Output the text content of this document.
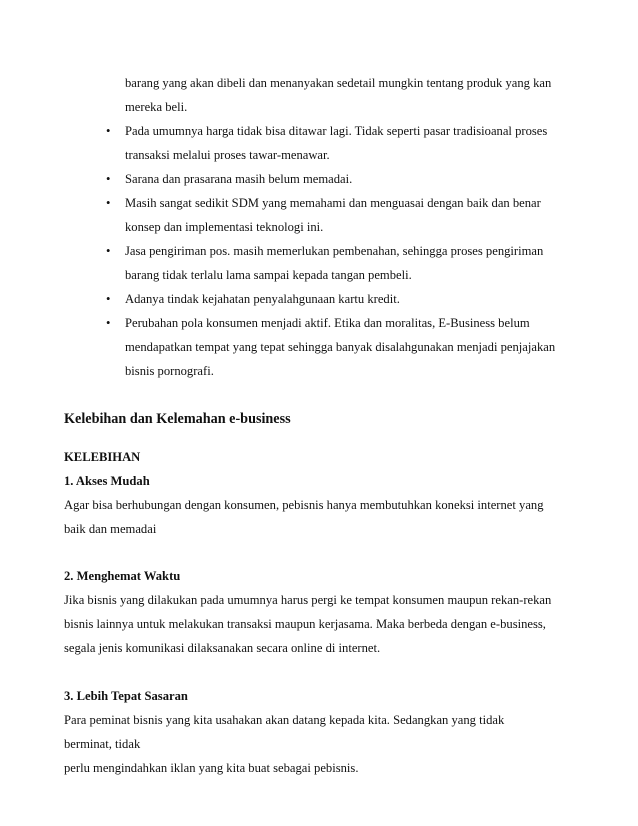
barang yang akan dibeli dan menanyakan sedetail mungkin tentang produk yang kan
mereka beli.
• Pada umumnya harga tidak bisa ditawar lagi. Tidak seperti pasar tradisioanal proses
transaksi melalui proses tawar-menawar.
• Sarana dan prasarana masih belum memadai.
• Masih sangat sedikit SDM yang memahami dan menguasai dengan baik dan benar
konsep dan implementasi teknologi ini.
• Jasa pengiriman pos. masih memerlukan pembenahan, sehingga proses pengiriman
barang tidak terlalu lama sampai kepada tangan pembeli.
• Adanya tindak kejahatan penyalahgunaan kartu kredit.
• Perubahan pola konsumen menjadi aktif. Etika dan moralitas, E-Business belum
mendapatkan tempat yang tepat sehingga banyak disalahgunakan menjadi penjajakan
bisnis pornografi.
Kelebihan dan Kelemahan e-business
KELEBIHAN
1. Akses Mudah
Agar bisa berhubungan dengan konsumen, pebisnis hanya membutuhkan koneksi internet yang
baik dan memadai
2. Menghemat Waktu
Jika bisnis yang dilakukan pada umumnya harus pergi ke tempat konsumen maupun rekan-rekan
bisnis lainnya untuk melakukan transaksi maupun kerjasama. Maka berbeda dengan e-business,
segala jenis komunikasi dilaksanakan secara online di internet.
3. Lebih Tepat Sasaran
Para peminat bisnis yang kita usahakan akan datang kepada kita. Sedangkan yang tidak
berminat, tidak
perlu mengindahkan iklan yang kita buat sebagai pebisnis.
